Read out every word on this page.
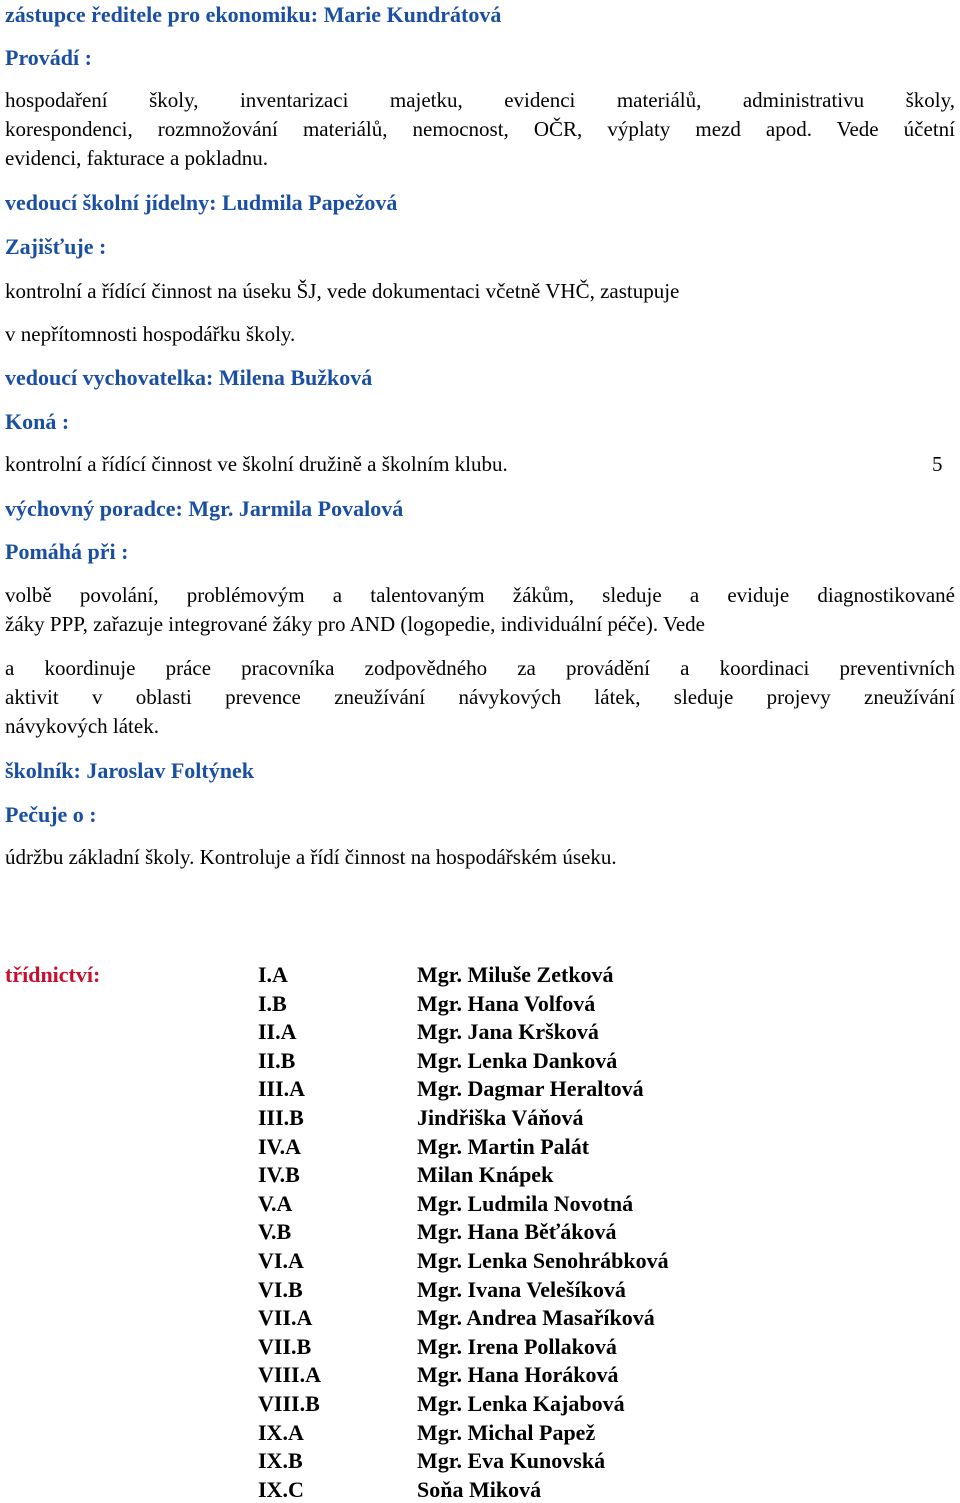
zástupce ředitele pro ekonomiku: Marie Kundrátová
Provádí :
hospodaření školy, inventarizaci majetku, evidenci materiálů, administrativu školy,
korespondenci, rozmnožování materiálů, nemocnost, OČR, výplaty mezd apod. Vede účetní
evidenci, fakturace a pokladnu.
vedoucí školní jídelny: Ludmila Papežová
Zajišťuje :
kontrolní a řídící činnost na úseku ŠJ, vede dokumentaci včetně VHČ, zastupuje
v nepřítomnosti hospodářku školy.
vedoucí vychovatelka: Milena Bužková
Koná :
kontrolní a řídící činnost ve školní družině a školním klubu.	5
výchovný poradce: Mgr. Jarmila Povalová
Pomáhá při :
volbě povolání, problémovým a talentovaným žákům, sleduje a eviduje diagnostikované
žáky PPP, zařazuje integrované žáky pro AND (logopedie, individuální péče). Vede
a koordinuje práce pracovníka zodpovědného za provádění a koordinaci preventivních
aktivit v oblasti prevence zneužívání návykových látek, sleduje projevy zneužívání
návykových látek.
školník: Jaroslav Foltýnek
Pečuje o :
údržbu základní školy. Kontroluje a řídí činnost na hospodářském úseku.
třídnictví:	I.A	Mgr. Miluše Zetková
I.B	Mgr. Hana Volfová
II.A	Mgr. Jana Kršková
II.B	Mgr. Lenka Danková
III.A	Mgr. Dagmar Heraltová
III.B	Jindřiška Váňová
IV.A	Mgr. Martin Palát
IV.B	Milan Knápek
V.A	Mgr. Ludmila Novotná
V.B	Mgr. Hana Běťáková
VI.A	Mgr. Lenka Senohrábková
VI.B	Mgr. Ivana Velešíková
VII.A	Mgr. Andrea Masaříková
VII.B	Mgr. Irena Pollaková
VIII.A	Mgr. Hana Horáková
VIII.B	Mgr. Lenka Kajabová
IX.A	Mgr. Michal Papež
IX.B	Mgr. Eva Kunovská
IX.C	Soňa Miková
